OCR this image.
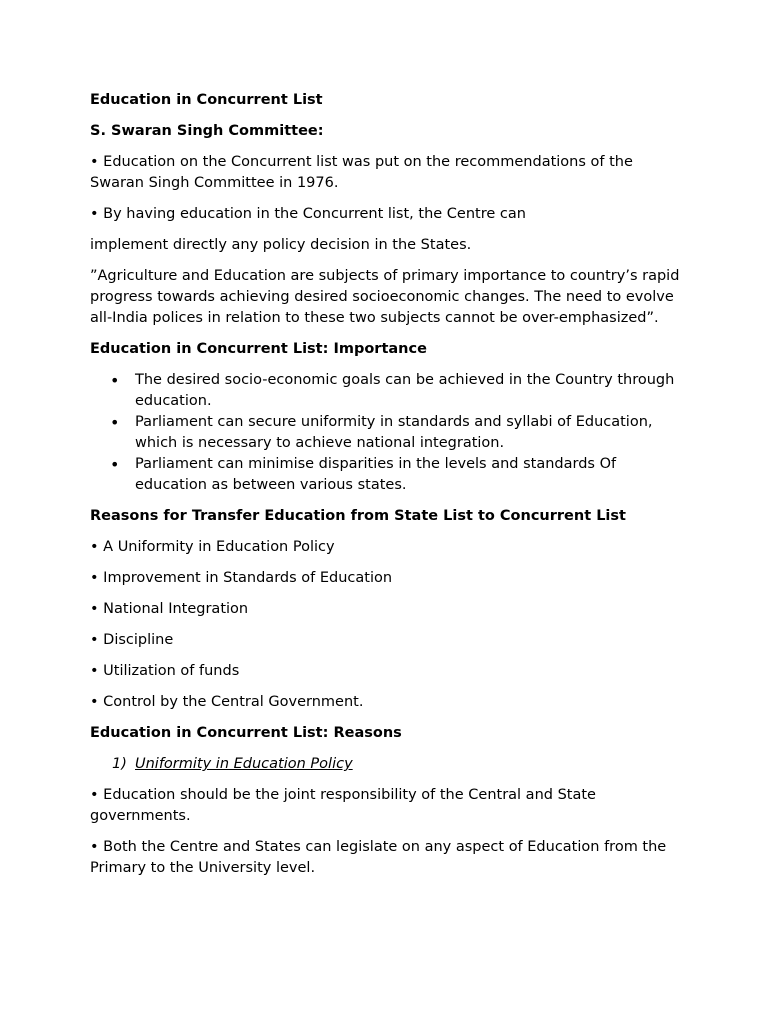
Education in Concurrent List

S. Swaran Singh Committee:

• Education on the Concurrent list was put on the recommendations of the Swaran Singh Committee in 1976.

• By having education in the Concurrent list, the Centre can

implement directly any policy decision in the States.

”Agriculture and Education are subjects of primary importance to country’s rapid progress towards achieving desired socioeconomic changes. The need to evolve all-India polices in relation to these two subjects cannot be over-emphasized”.

Education in Concurrent List: Importance

• The desired socio-economic goals can be achieved in the Country through education.
• Parliament can secure uniformity in standards and syllabi of Education, which is necessary to achieve national integration.
• Parliament can minimise disparities in the levels and standards Of education as between various states.

Reasons for Transfer Education from State List to Concurrent List

• A Uniformity in Education Policy

• Improvement in Standards of Education

• National Integration

• Discipline

• Utilization of funds

• Control by the Central Government.

Education in Concurrent List: Reasons

1) Uniformity in Education Policy

• Education should be the joint responsibility of the Central and State governments.

• Both the Centre and States can legislate on any aspect of Education from the Primary to the University level.
